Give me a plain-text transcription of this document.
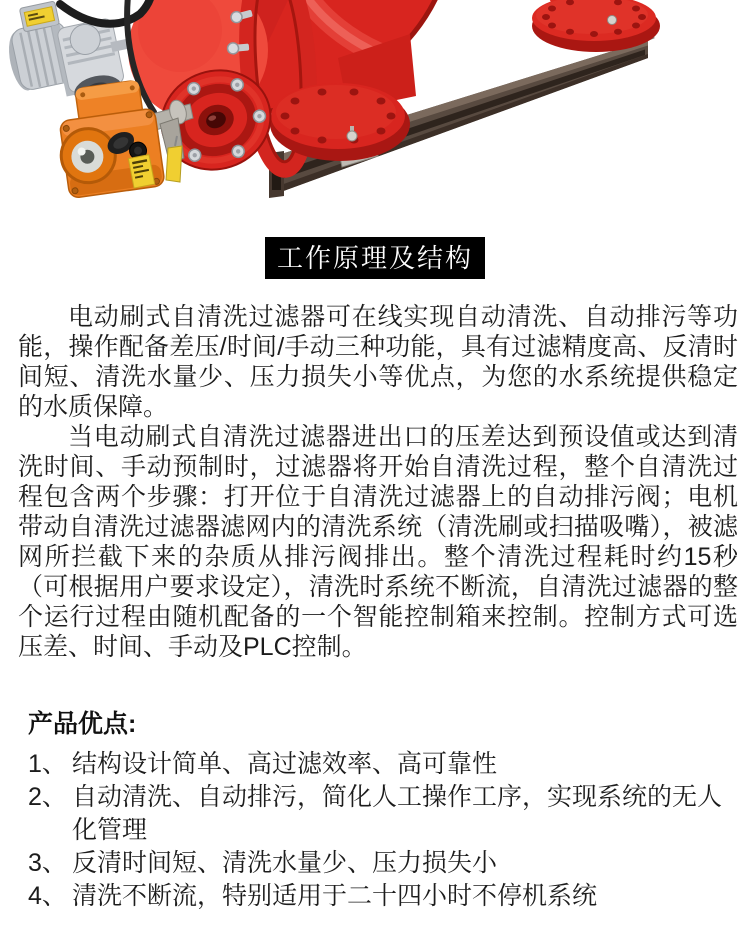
工作原理及结构

电动刷式自清洗过滤器可在线实现自动清洗、自动排污等功能，操作配备差压/时间/手动三种功能，具有过滤精度高、反清时间短、清洗水量少、压力损失小等优点，为您的水系统提供稳定的水质保障。

当电动刷式自清洗过滤器进出口的压差达到预设值或达到清洗时间、手动预制时，过滤器将开始自清洗过程，整个自清洗过程包含两个步骤：打开位于自清洗过滤器上的自动排污阀；电机带动自清洗过滤器滤网内的清洗系统（清洗刷或扫描吸嘴），被滤网所拦截下来的杂质从排污阀排出。整个清洗过程耗时约15秒（可根据用户要求设定），清洗时系统不断流，自清洗过滤器的整个运行过程由随机配备的一个智能控制箱来控制。控制方式可选压差、时间、手动及PLC控制。

产品优点:
1、 结构设计简单、高过滤效率、高可靠性
2、 自动清洗、自动排污，简化人工操作工序，实现系统的无人化管理
3、 反清时间短、清洗水量少、压力损失小
4、 清洗不断流，特别适用于二十四小时不停机系统
